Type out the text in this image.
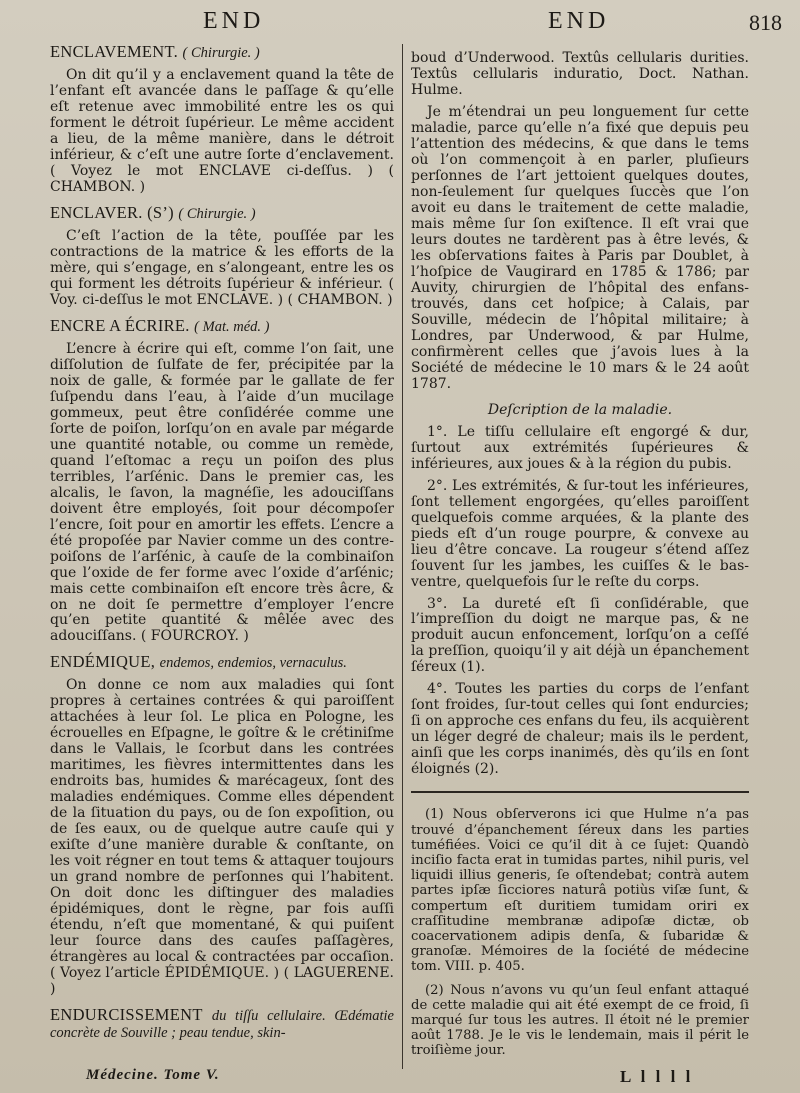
END	END	818
ENCLAVEMENT. ( Chirurgie. )

On dit qu’il y a enclavement quand la tête de l’enfant eſt avancée dans le paſſage & qu’elle eſt retenue avec immobilité entre les os qui forment le détroit ſupérieur. Le même accident a lieu, de la même manière, dans le détroit inférieur, & c’eſt une autre ſorte d’enclavement. ( Voyez le mot ENCLAVE ci-deſſus. ) ( CHAMBON. )

ENCLAVER. (S’) ( Chirurgie. )

C’eſt l’action de la tête, pouſſée par les contractions de la matrice & les efforts de la mère, qui s’engage, en s’alongeant, entre les os qui forment les détroits ſupérieur & inférieur. ( Voy. ci-deſſus le mot ENCLAVE. ) ( CHAMBON. )

ENCRE A ÉCRIRE. ( Mat. méd. )

L’encre à écrire qui eſt, comme l’on ſait, une diſſolution de ſulfate de fer, précipitée par la noix de galle, & formée par le gallate de fer ſuſpendu dans l’eau, à l’aide d’un mucilage gommeux, peut être conſidérée comme une ſorte de poiſon, lorſqu’on en avale par mégarde une quantité notable, ou comme un remède, quand l’eſtomac a reçu un poiſon des plus terribles, l’arſénic. Dans le premier cas, les alcalis, le ſavon, la magnéſie, les adouciſſans doivent être employés, ſoit pour décompoſer l’encre, ſoit pour en amortir les effets. L’encre a été propoſée par Navier comme un des contre-poiſons de l’arſénic, à cauſe de la combinaiſon que l’oxide de fer forme avec l’oxide d’arſénic; mais cette combinaiſon eſt encore très âcre, & on ne doit ſe permettre d’employer l’encre qu’en petite quantité & mêlée avec des adouciſſans. ( FOURCROY. )

ENDÉMIQUE, endemos, endemios, vernaculus.

On donne ce nom aux maladies qui ſont propres à certaines contrées & qui paroiſſent attachées à leur ſol. Le plica en Pologne, les écrouelles en Eſpagne, le goître & le crétiniſme dans le Vallais, le ſcorbut dans les contrées maritimes, les fièvres intermittentes dans les endroits bas, humides & marécageux, ſont des maladies endémiques. Comme elles dépendent de la ſituation du pays, ou de ſon expoſition, ou de ſes eaux, ou de quelque autre cauſe qui y exiſte d’une manière durable & conſtante, on les voit régner en tout tems & attaquer toujours un grand nombre de perſonnes qui l’habitent. On doit donc les diſtinguer des maladies épidémiques, dont le règne, par fois auſſi étendu, n’eſt que momentané, & qui puiſent leur ſource dans des cauſes paſſagères, étrangères au local & contractées par occaſion. ( Voyez l’article ÉPIDÉMIQUE. ) ( LAGUERENE. )

ENDURCISSEMENT du tiſſu cellulaire. Œdématie concrète de Souville ; peau tendue, skin-

boud d’Underwood. Textûs cellularis durities. Textûs cellularis induratio, Doct. Nathan. Hulme.

Je m’étendrai un peu longuement ſur cette maladie, parce qu’elle n’a fixé que depuis peu l’attention des médecins, & que dans le tems où l’on commençoit à en parler, pluſieurs perſonnes de l’art jettoient quelques doutes, non-ſeulement ſur quelques ſuccès que l’on avoit eu dans le traitement de cette maladie, mais même ſur ſon exiſtence. Il eſt vrai que leurs doutes ne tardèrent pas à être levés, & les obſervations faites à Paris par Doublet, à l’hoſpice de Vaugirard en 1785 & 1786; par Auvity, chirurgien de l’hôpital des enfans-trouvés, dans cet hoſpice; à Calais, par Souville, médecin de l’hôpital militaire; à Londres, par Underwood, & par Hulme, confirmèrent celles que j’avois lues à la Société de médecine le 10 mars & le 24 août 1787.

Deſcription de la maladie.

1°. Le tiſſu cellulaire eſt engorgé & dur, ſurtout aux extrémités ſupérieures & inférieures, aux joues & à la région du pubis.

2°. Les extrémités, & ſur-tout les inférieures, ſont tellement engorgées, qu’elles paroiſſent quelquefois comme arquées, & la plante des pieds eſt d’un rouge pourpre, & convexe au lieu d’être concave. La rougeur s’étend aſſez ſouvent ſur les jambes, les cuiſſes & le bas-ventre, quelquefois ſur le reſte du corps.

3°. La dureté eſt ſi conſidérable, que l’impreſſion du doigt ne marque pas, & ne produit aucun enfoncement, lorſqu’on a ceſſé la preſſion, quoiqu’il y ait déjà un épanchement ſéreux (1).

4°. Toutes les parties du corps de l’enfant ſont froides, ſur-tout celles qui ſont endurcies; ſi on approche ces enfans du feu, ils acquièrent un léger degré de chaleur; mais ils le perdent, ainſi que les corps inanimés, dès qu’ils en ſont éloignés (2).

(1) Nous obſerverons ici que Hulme n’a pas trouvé d’épanchement ſéreux dans les parties tuméfiées. Voici ce qu’il dit à ce ſujet: Quandò inciſio facta erat in tumidas partes, nihil puris, vel liquidi illius generis, ſe oſtendebat; contrà autem partes ipſæ ſicciores naturâ potiùs viſæ ſunt, & compertum eſt duritiem tumidam oriri ex craſſitudine membranæ adipoſæ dictæ, ob coacervationem adipis denſa, & ſubaridæ & granoſæ. Mémoires de la ſociété de médecine tom. VIII. p. 405.

(2) Nous n’avons vu qu’un ſeul enfant attaqué de cette maladie qui ait été exempt de ce froid, ſi marqué ſur tous les autres. Il étoit né le premier août 1788. Je le vis le lendemain, mais il périt le troiſième jour.

Médecine. Tome V.	L l l l l
